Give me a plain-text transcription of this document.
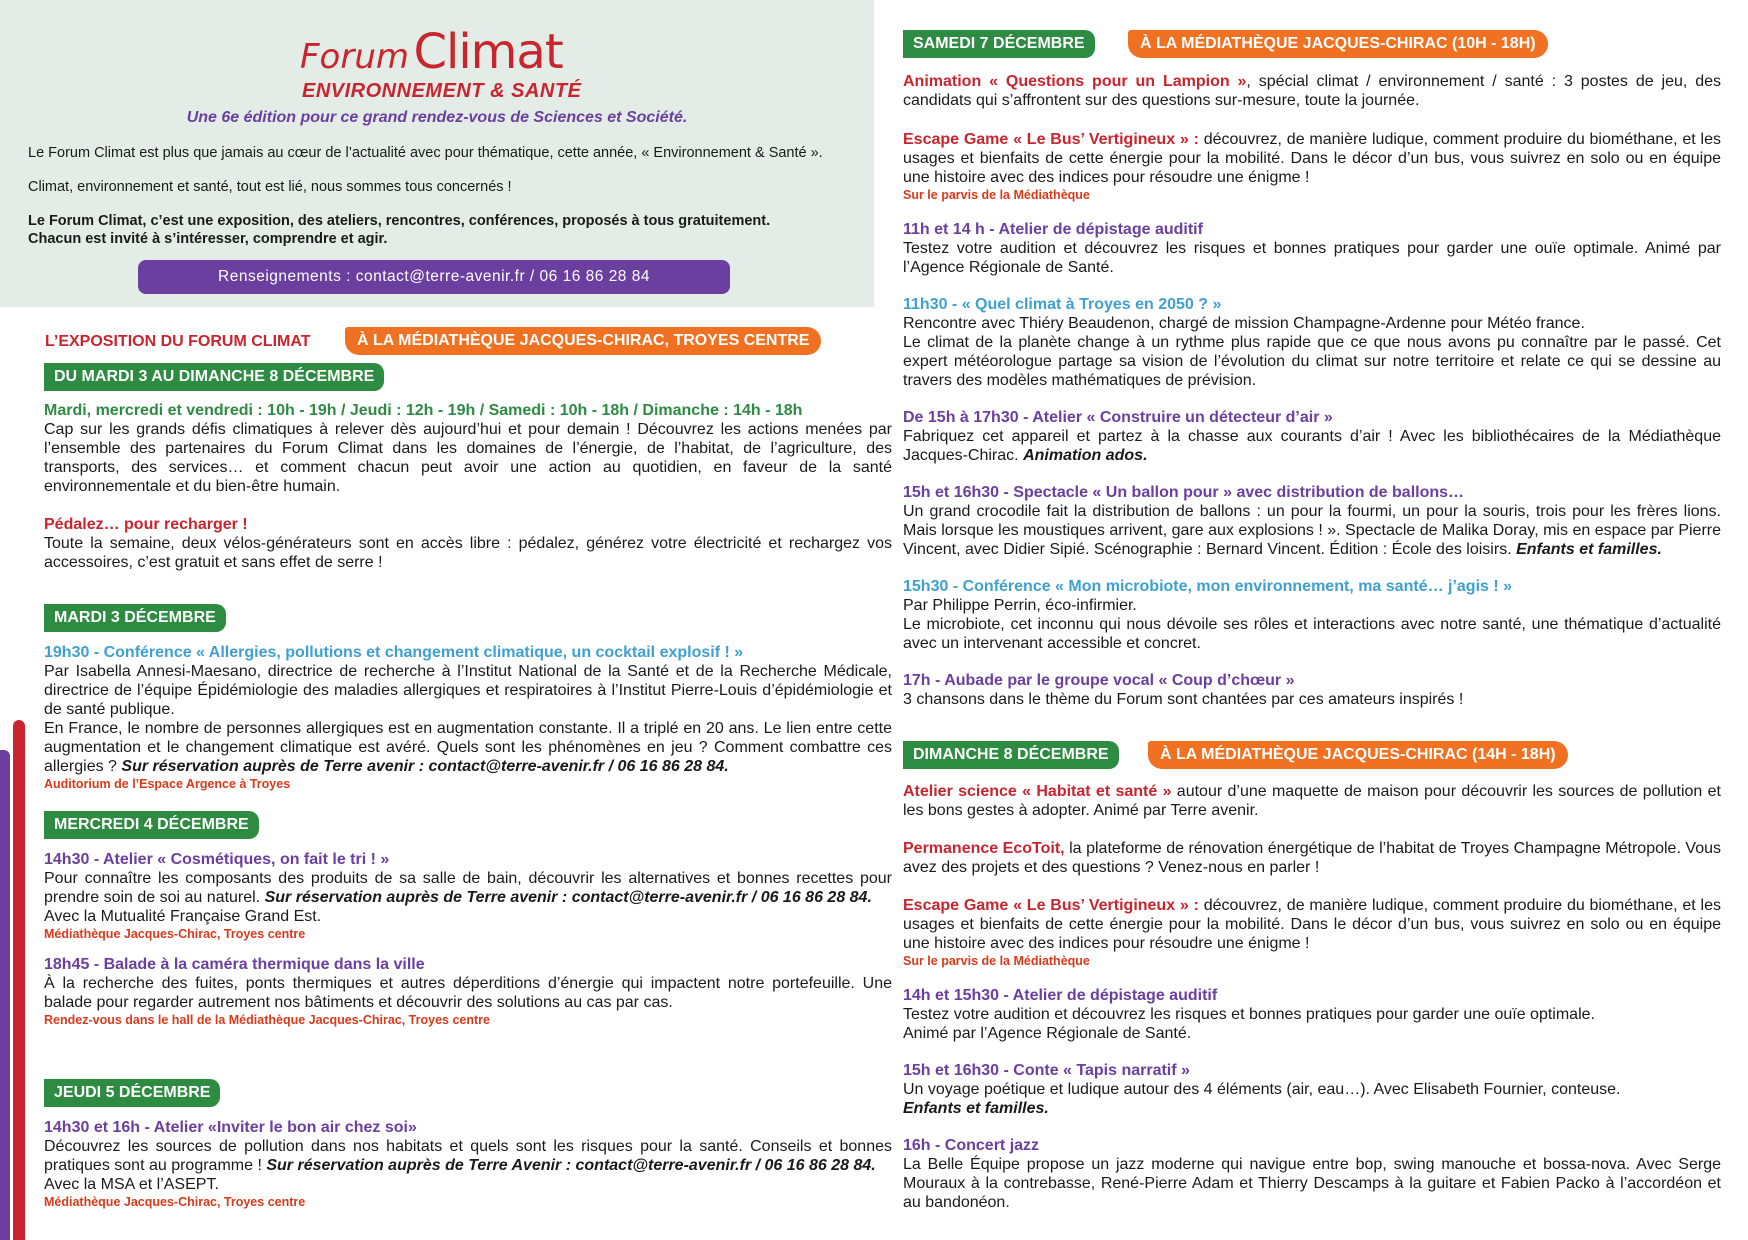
Forum Climat
ENVIRONNEMENT & SANTÉ
Une 6e édition pour ce grand rendez-vous de Sciences et Société.
Le Forum Climat est plus que jamais au cœur de l’actualité avec pour thématique, cette année, « Environnement & Santé ».
Climat, environnement et santé, tout est lié, nous sommes tous concernés !
Le Forum Climat, c’est une exposition, des ateliers, rencontres, conférences, proposés à tous gratuitement.
Chacun est invité à s’intéresser, comprendre et agir.
Renseignements : contact@terre-avenir.fr / 06 16 86 28 84
L’EXPOSITION DU FORUM CLIMAT	À LA MÉDIATHÈQUE JACQUES-CHIRAC, TROYES CENTRE
DU MARDI 3 AU DIMANCHE 8 DÉCEMBRE
Mardi, mercredi et vendredi : 10h - 19h / Jeudi : 12h - 19h / Samedi : 10h - 18h / Dimanche : 14h - 18h
Cap sur les grands défis climatiques à relever dès aujourd’hui et pour demain ! Découvrez les actions menées par l’ensemble des partenaires du Forum Climat dans les domaines de l’énergie, de l’habitat, de l’agriculture, des transports, des services… et comment chacun peut avoir une action au quotidien, en faveur de la santé environnementale et du bien-être humain.
Pédalez… pour recharger !
Toute la semaine, deux vélos-générateurs sont en accès libre : pédalez, générez votre électricité et rechargez vos accessoires, c’est gratuit et sans effet de serre !
MARDI 3 DÉCEMBRE
19h30 - Conférence « Allergies, pollutions et changement climatique, un cocktail explosif ! »
Par Isabella Annesi-Maesano, directrice de recherche à l’Institut National de la Santé et de la Recherche Médicale, directrice de l’équipe Épidémiologie des maladies allergiques et respiratoires à l’Institut Pierre-Louis d’épidémiologie et de santé publique.
En France, le nombre de personnes allergiques est en augmentation constante. Il a triplé en 20 ans. Le lien entre cette augmentation et le changement climatique est avéré. Quels sont les phénomènes en jeu ? Comment combattre ces allergies ? Sur réservation auprès de Terre avenir : contact@terre-avenir.fr / 06 16 86 28 84.
Auditorium de l’Espace Argence à Troyes
MERCREDI 4 DÉCEMBRE
14h30 - Atelier « Cosmétiques, on fait le tri ! »
Pour connaître les composants des produits de sa salle de bain, découvrir les alternatives et bonnes recettes pour prendre soin de soi au naturel. Sur réservation auprès de Terre avenir : contact@terre-avenir.fr / 06 16 86 28 84.
Avec la Mutualité Française Grand Est.
Médiathèque Jacques-Chirac, Troyes centre
18h45 - Balade à la caméra thermique dans la ville
À la recherche des fuites, ponts thermiques et autres déperditions d’énergie qui impactent notre portefeuille. Une balade pour regarder autrement nos bâtiments et découvrir des solutions au cas par cas.
Rendez-vous dans le hall de la Médiathèque Jacques-Chirac, Troyes centre
JEUDI 5 DÉCEMBRE
14h30 et 16h - Atelier «Inviter le bon air chez soi»
Découvrez les sources de pollution dans nos habitats et quels sont les risques pour la santé. Conseils et bonnes pratiques sont au programme ! Sur réservation auprès de Terre Avenir : contact@terre-avenir.fr / 06 16 86 28 84.
Avec la MSA et l’ASEPT.
Médiathèque Jacques-Chirac, Troyes centre
SAMEDI 7 DÉCEMBRE	À LA MÉDIATHÈQUE JACQUES-CHIRAC (10H - 18H)
Animation « Questions pour un Lampion », spécial climat / environnement / santé : 3 postes de jeu, des candidats qui s’affrontent sur des questions sur-mesure, toute la journée.
Escape Game « Le Bus’ Vertigineux » : découvrez, de manière ludique, comment produire du biométhane, et les usages et bienfaits de cette énergie pour la mobilité. Dans le décor d’un bus, vous suivrez en solo ou en équipe une histoire avec des indices pour résoudre une énigme !
Sur le parvis de la Médiathèque
11h et 14 h - Atelier de dépistage auditif
Testez votre audition et découvrez les risques et bonnes pratiques pour garder une ouïe optimale. Animé par l’Agence Régionale de Santé.
11h30 - « Quel climat à Troyes en 2050 ? »
Rencontre avec Thiéry Beaudenon, chargé de mission Champagne-Ardenne pour Météo france.
Le climat de la planète change à un rythme plus rapide que ce que nous avons pu connaître par le passé. Cet expert météorologue partage sa vision de l’évolution du climat sur notre territoire et relate ce qui se dessine au travers des modèles mathématiques de prévision.
De 15h à 17h30 - Atelier « Construire un détecteur d’air »
Fabriquez cet appareil et partez à la chasse aux courants d’air ! Avec les bibliothécaires de la Médiathèque Jacques-Chirac. Animation ados.
15h et 16h30 - Spectacle « Un ballon pour » avec distribution de ballons…
Un grand crocodile fait la distribution de ballons : un pour la fourmi, un pour la souris, trois pour les frères lions. Mais lorsque les moustiques arrivent, gare aux explosions ! ». Spectacle de Malika Doray, mis en espace par Pierre Vincent, avec Didier Sipié. Scénographie : Bernard Vincent. Édition : École des loisirs. Enfants et familles.
15h30 - Conférence « Mon microbiote, mon environnement, ma santé… j’agis ! »
Par Philippe Perrin, éco-infirmier.
Le microbiote, cet inconnu qui nous dévoile ses rôles et interactions avec notre santé, une thématique d’actualité avec un intervenant accessible et concret.
17h - Aubade par le groupe vocal « Coup d’chœur »
3 chansons dans le thème du Forum sont chantées par ces amateurs inspirés !
DIMANCHE 8 DÉCEMBRE	À LA MÉDIATHÈQUE JACQUES-CHIRAC (14H - 18H)
Atelier science « Habitat et santé » autour d’une maquette de maison pour découvrir les sources de pollution et les bons gestes à adopter. Animé par Terre avenir.
Permanence EcoToit, la plateforme de rénovation énergétique de l’habitat de Troyes Champagne Métropole. Vous avez des projets et des questions ? Venez-nous en parler !
Escape Game « Le Bus’ Vertigineux » : découvrez, de manière ludique, comment produire du biométhane, et les usages et bienfaits de cette énergie pour la mobilité. Dans le décor d’un bus, vous suivrez en solo ou en équipe une histoire avec des indices pour résoudre une énigme !
Sur le parvis de la Médiathèque
14h et 15h30 - Atelier de dépistage auditif
Testez votre audition et découvrez les risques et bonnes pratiques pour garder une ouïe optimale.
Animé par l’Agence Régionale de Santé.
15h et 16h30 - Conte « Tapis narratif »
Un voyage poétique et ludique autour des 4 éléments (air, eau…). Avec Elisabeth Fournier, conteuse.
Enfants et familles.
16h - Concert jazz
La Belle Équipe propose un jazz moderne qui navigue entre bop, swing manouche et bossa-nova. Avec Serge Mouraux à la contrebasse, René-Pierre Adam et Thierry Descamps à la guitare et Fabien Packo à l’accordéon et au bandonéon.
